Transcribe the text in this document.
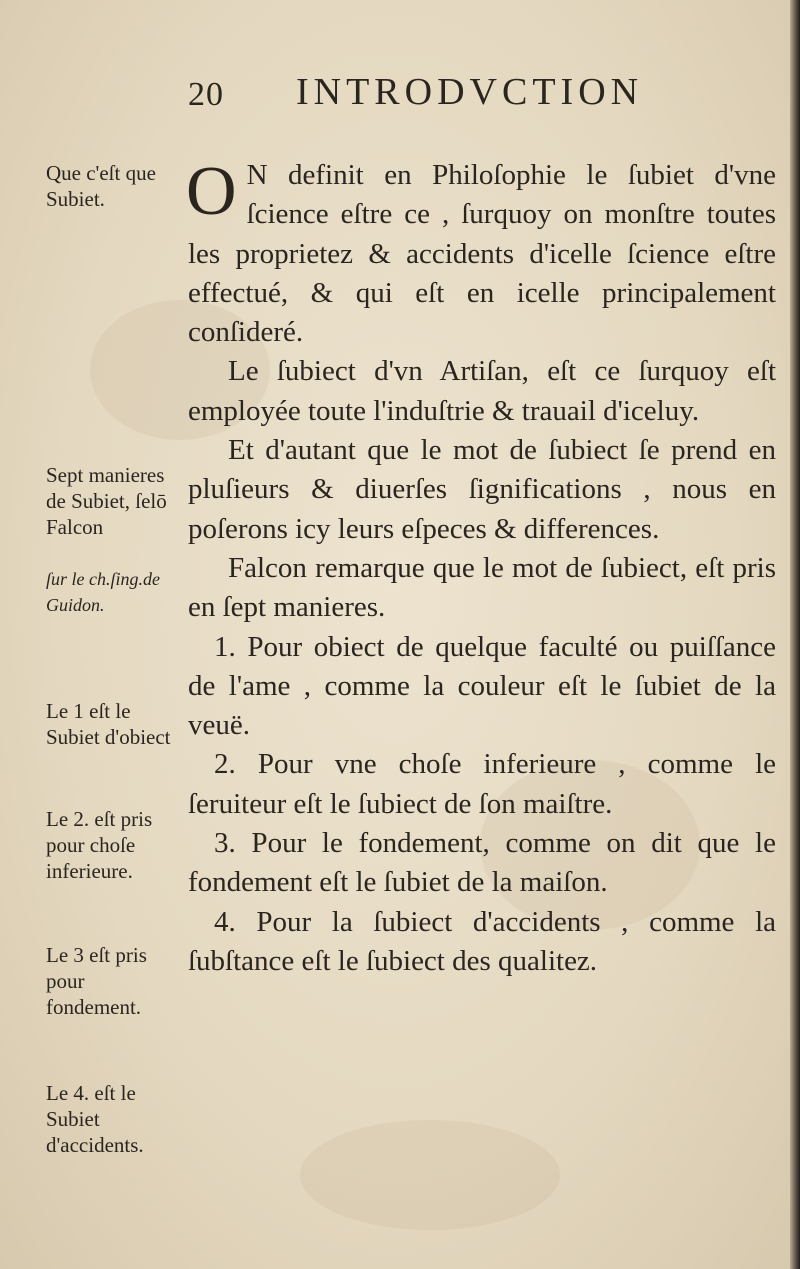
20 INTRODVCTION

O N definit en Philoſophie le ſubiet d'vne ſcience eſtre ce , ſurquoy on monſtre toutes les proprietez & accidents d'icelle ſcience eſtre effectué, & qui eſt en icelle principalement conſideré.

Le ſubiect d'vn Artiſan, eſt ce ſurquoy eſt employée toute l'induſtrie & trauail d'iceluy.

Et d'autant que le mot de ſubiect ſe prend en pluſieurs & diuerſes ſignifications , nous en poſerons icy leurs eſpeces & differences.

Falcon remarque que le mot de ſubiect, eſt pris en ſept manieres.

1. Pour obiect de quelque faculté ou puiſſance de l'ame , comme la couleur eſt le ſubiet de la veuë.

2. Pour vne choſe inferieure , comme le ſeruiteur eſt le ſubiect de ſon maiſtre.

3. Pour le fondement, comme on dit que le fondement eſt le ſubiet de la maiſon.

4. Pour la ſubiect d'accidents , comme la ſubſtance eſt le ſubiect des qualitez.

Que c'eſt que Subiet.
Sept manieres de Subiet, ſelō Falcon
ſur le ch.ſing.de Guidon.
Le 1 eſt le Subiet d'obiect
Le 2. eſt pris pour choſe inferieure.
Le 3 eſt pris pour fondement.
Le 4. eſt le Subiet d'accidents.
